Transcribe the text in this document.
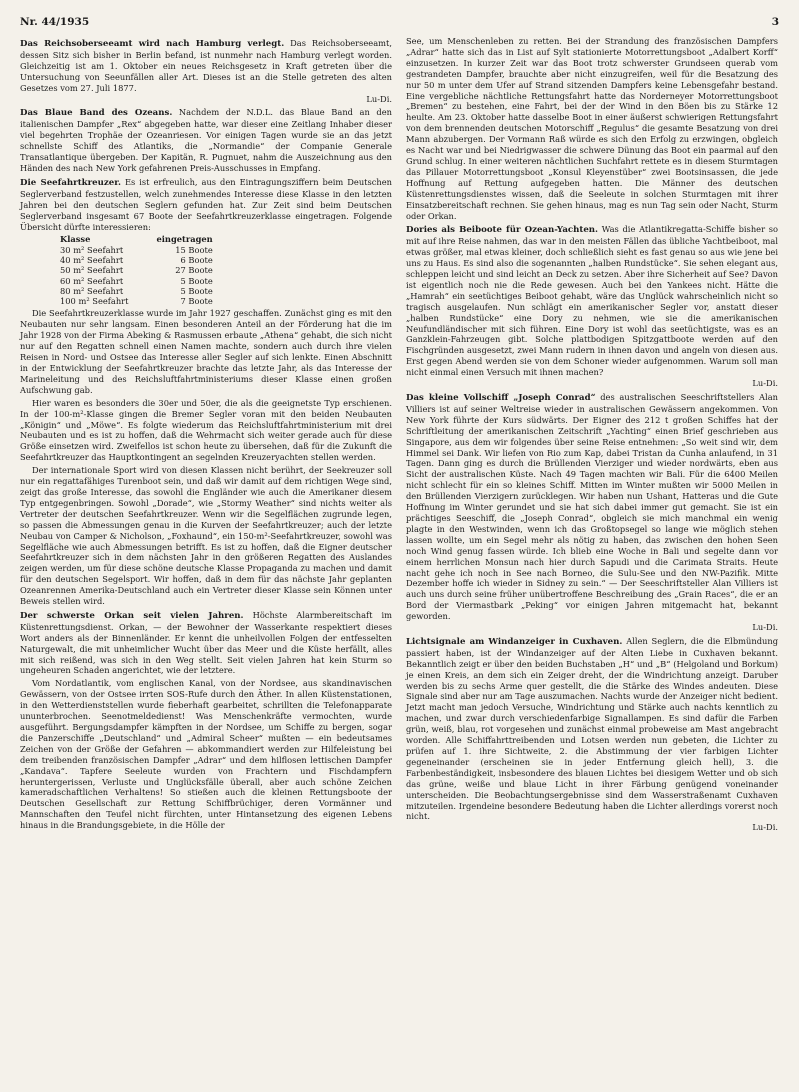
Nr. 44/1935	3

Das Reichsoberseeamt wird nach Hamburg verlegt. Das Reichsoberseeamt, dessen Sitz sich bisher in Berlin befand, ist nunmehr nach Hamburg verlegt worden. Gleichzeitig ist am 1. Oktober ein neues Reichsgesetz in Kraft getreten über die Untersuchung von Seeunfällen aller Art. Dieses ist an die Stelle getreten des alten Gesetzes vom 27. Juli 1877.
Lu-Di.

Das Blaue Band des Ozeans. Nachdem der N.D.L. das Blaue Band an den italienischen Dampfer „Rex“ abgegeben hatte, war dieser eine Zeitlang Inhaber dieser viel begehrten Trophäe der Ozeanriesen. Vor einigen Tagen wurde sie an das jetzt schnellste Schiff des Atlantiks, die „Normandie“ der Companie Generale Transatlantique übergeben. Der Kapitän, R. Pugnuet, nahm die Auszeichnung aus den Händen des nach New York gefahrenen Preis-Ausschusses in Empfang.

Die Seefahrtkreuzer. Es ist erfreulich, aus den Eintragungsziffern beim Deutschen Seglerverband festzustellen, welch zunehmendes Interesse diese Klasse in den letzten Jahren bei den deutschen Seglern gefunden hat. Zur Zeit sind beim Deutschen Seglerverband insgesamt 67 Boote der Seefahrtkreuzerklasse eingetragen. Folgende Übersicht dürfte interessieren:

Klasse	eingetragen
30 m² Seefahrt	15 Boote
40 m² Seefahrt	6 Boote
50 m² Seefahrt	27 Boote
60 m² Seefahrt	5 Boote
80 m² Seefahrt	5 Boote
100 m² Seefahrt	7 Boote

Die Seefahrtkreuzerklasse wurde im Jahr 1927 geschaffen. Zunächst ging es mit den Neubauten nur sehr langsam. Einen besonderen Anteil an der Förderung hat die im Jahr 1928 von der Firma Abeking & Rasmussen erbaute „Athena“ gehabt, die sich nicht nur auf den Regatten schnell einen Namen machte, sondern auch durch ihre vielen Reisen in Nord- und Ostsee das Interesse aller Segler auf sich lenkte. Einen Abschnitt in der Entwicklung der Seefahrtkreuzer brachte das letzte Jahr, als das Interesse der Marineleitung und des Reichsluftfahrtministeriums dieser Klasse einen großen Aufschwung gab.

Hier waren es besonders die 30er und 50er, die als die geeignetste Typ erschienen. In der 100-m²-Klasse gingen die Bremer Segler voran mit den beiden Neubauten „Königin“ und „Möwe“. Es folgte wiederum das Reichsluftfahrtministerium mit drei Neubauten und es ist zu hoffen, daß die Wehrmacht sich weiter gerade auch für diese Größe einsetzen wird. Zweifellos ist schon heute zu übersehen, daß für die Zukunft die Seefahrtkreuzer das Hauptkontingent an segelnden Kreuzeryachten stellen werden.

Der internationale Sport wird von diesen Klassen nicht berührt, der Seekreuzer soll nur ein regattafähiges Turenboot sein, und daß wir damit auf dem richtigen Wege sind, zeigt das große Interesse, das sowohl die Engländer wie auch die Amerikaner diesem Typ entgegenbringen. Sowohl „Dorade“, wie „Stormy Weather“ sind nichts weiter als Vertreter der deutschen Seefahrtkreuzer. Wenn wir die Segelflächen zugrunde legen, so passen die Abmessungen genau in die Kurven der Seefahrtkreuzer; auch der letzte Neubau von Camper & Nicholson, „Foxhaund“, ein 150-m²-Seefahrtkreuzer, sowohl was Segelfläche wie auch Abmessungen betrifft. Es ist zu hoffen, daß die Eigner deutscher Seefahrtkreuzer sich in dem nächsten Jahr in den größeren Regatten des Auslandes zeigen werden, um für diese schöne deutsche Klasse Propaganda zu machen und damit für den deutschen Segelsport. Wir hoffen, daß in dem für das nächste Jahr geplanten Ozeanrennen Amerika-Deutschland auch ein Vertreter dieser Klasse sein Können unter Beweis stellen wird.

Der schwerste Orkan seit vielen Jahren. Höchste Alarmbereitschaft im Küstenrettungsdienst. Orkan, — der Bewohner der Wasserkante respektiert dieses Wort anders als der Binnenländer. Er kennt die unheilvollen Folgen der entfesselten Naturgewalt, die mit unheimlicher Wucht über das Meer und die Küste herfällt, alles mit sich reißend, was sich in den Weg stellt. Seit vielen Jahren hat kein Sturm so ungeheuren Schaden angerichtet, wie der letztere.

Vom Nordatlantik, vom englischen Kanal, von der Nordsee, aus skandinavischen Gewässern, von der Ostsee irrten SOS-Rufe durch den Äther. In allen Küstenstationen, in den Wetterdienststellen wurde fieberhaft gearbeitet, schrillten die Telefonapparate ununterbrochen. Seenotmeldedienst! Was Menschenkräfte vermochten, wurde ausgeführt. Bergungsdampfer kämpften in der Nordsee, um Schiffe zu bergen, sogar die Panzerschiffe „Deutschland“ und „Admiral Scheer“ mußten — ein bedeutsames Zeichen von der Größe der Gefahren — abkommandiert werden zur Hilfeleistung bei dem treibenden französischen Dampfer „Adrar“ und dem hilflosen lettischen Dampfer „Kandava“. Tapfere Seeleute wurden von Frachtern und Fischdampfern heruntergerissen, Verluste und Unglücksfälle überall, aber auch schöne Zeichen kameradschaftlichen Verhaltens! So stießen auch die kleinen Rettungsboote der Deutschen Gesellschaft zur Rettung Schiffbrüchiger, deren Vormänner und Mannschaften den Teufel nicht fürchten, unter Hintansetzung des eigenen Lebens hinaus in die Brandungsgebiete, in die Hölle der

See, um Menschenleben zu retten. Bei der Strandung des französischen Dampfers „Adrar“ hatte sich das in List auf Sylt stationierte Motorrettungsboot „Adalbert Korff“ einzusetzen. In kurzer Zeit war das Boot trotz schwerster Grundseen querab vom gestrandeten Dampfer, brauchte aber nicht einzugreifen, weil für die Besatzung des nur 50 m unter dem Ufer auf Strand sitzenden Dampfers keine Lebensgefahr bestand. Eine vergebliche nächtliche Rettungsfahrt hatte das Norderneyer Motorrettungsboot „Bremen“ zu bestehen, eine Fahrt, bei der der Wind in den Böen bis zu Stärke 12 heulte. Am 23. Oktober hatte dasselbe Boot in einer äußerst schwierigen Rettungsfahrt von dem brennenden deutschen Motorschiff „Regulus“ die gesamte Besatzung von drei Mann abzubergen. Der Vormann Raß würde es sich den Erfolg zu erzwingen, obgleich es Nacht war und bei Niedrigwasser die schwere Dünung das Boot ein paarmal auf den Grund schlug. In einer weiteren nächtlichen Suchfahrt rettete es in diesem Sturmtagen das Pillauer Motorrettungsboot „Konsul Kleyenstüber“ zwei Bootsinsassen, die jede Hoffnung auf Rettung aufgegeben hatten. Die Männer des deutschen Küstenrettungsdienstes wissen, daß die Seeleute in solchen Sturmtagen mit ihrer Einsatzbereitschaft rechnen. Sie gehen hinaus, mag es nun Tag sein oder Nacht, Sturm oder Orkan.

Dories als Beiboote für Ozean-Yachten. Was die Atlantikregatta-Schiffe bisher so mit auf ihre Reise nahmen, das war in den meisten Fällen das übliche Yachtbeiboot, mal etwas größer, mal etwas kleiner, doch schließlich sieht es fast genau so aus wie jene bei uns zu Haus. Es sind also die sogenannten „halben Rundstücke“. Sie sehen elegant aus, schleppen leicht und sind leicht an Deck zu setzen. Aber ihre Sicherheit auf See? Davon ist eigentlich noch nie die Rede gewesen. Auch bei den Yankees nicht. Hätte die „Hamrah“ ein seetüchtiges Beiboot gehabt, wäre das Unglück wahrscheinlich nicht so tragisch ausgelaufen. Nun schlägt ein amerikanischer Segler vor, anstatt dieser „halben Rundstücke“ eine Dory zu nehmen, wie sie die amerikanischen Neufundländischer mit sich führen. Eine Dory ist wohl das seetüchtigste, was es an Ganzklein-Fahrzeugen gibt. Solche plattbodigen Spitzgattboote werden auf den Fischgründen ausgesetzt, zwei Mann rudern in ihnen davon und angeln von diesen aus. Erst gegen Abend werden sie von dem Schoner wieder aufgenommen. Warum soll man nicht einmal einen Versuch mit ihnen machen?
Lu-Di.

Das kleine Vollschiff „Joseph Conrad“ des australischen Seeschriftstellers Alan Villiers ist auf seiner Weltreise wieder in australischen Gewässern angekommen. Von New York führte der Kurs südwärts. Der Eigner des 212 t großen Schiffes hat der Schriftleitung der amerikanischen Zeitschrift „Yachting“ einen Brief geschrieben aus Singapore, aus dem wir folgendes über seine Reise entnehmen: „So weit sind wir, dem Himmel sei Dank. Wir liefen von Rio zum Kap, dabei Tristan da Cunha anlaufend, in 31 Tagen. Dann ging es durch die Brüllenden Vierziger und wieder nordwärts, eben aus Sicht der australischen Küste. Nach 49 Tagen machten wir Bali. Für die 6400 Meilen nicht schlecht für ein so kleines Schiff. Mitten im Winter mußten wir 5000 Meilen in den Brüllenden Vierzigern zurücklegen. Wir haben nun Ushant, Hatteras und die Gute Hoffnung im Winter gerundet und sie hat sich dabei immer gut gemacht. Sie ist ein prächtiges Seeschiff, die „Joseph Conrad“, obgleich sie mich manchmal ein wenig plagte in den Westwinden, wenn ich das Großtopsegel so lange wie möglich stehen lassen wollte, um ein Segel mehr als nötig zu haben, das zwischen den hohen Seen noch Wind genug fassen würde. Ich blieb eine Woche in Bali und segelte dann vor einem herrlichen Monsun nach hier durch Sapudi und die Carimata Straits. Heute nacht gehe ich noch in See nach Borneo, die Sulu-See und den NW-Pazifik. Mitte Dezember hoffe ich wieder in Sidney zu sein.“ — Der Seeschriftsteller Alan Villiers ist auch uns durch seine früher unübertroffene Beschreibung des „Grain Races“, die er an Bord der Viermastbark „Peking“ vor einigen Jahren mitgemacht hat, bekannt geworden.
Lu-Di.

Lichtsignale am Windanzeiger in Cuxhaven. Allen Seglern, die die Elbmündung passiert haben, ist der Windanzeiger auf der Alten Liebe in Cuxhaven bekannt. Bekanntlich zeigt er über den beiden Buchstaben „H“ und „B“ (Helgoland und Borkum) je einen Kreis, an dem sich ein Zeiger dreht, der die Windrichtung anzeigt. Daruber werden bis zu sechs Arme quer gestellt, die die Stärke des Windes andeuten. Diese Signale sind aber nur am Tage auszumachen. Nachts wurde der Anzeiger nicht bedient. Jetzt macht man jedoch Versuche, Windrichtung und Stärke auch nachts kenntlich zu machen, und zwar durch verschiedenfarbige Signallampen. Es sind dafür die Farben grün, weiß, blau, rot vorgesehen und zunächst einmal probeweise am Mast angebracht worden. Alle Schiffahrttreibenden und Lotsen werden nun gebeten, die Lichter zu prüfen auf 1. ihre Sichtweite, 2. die Abstimmung der vier farbigen Lichter gegeneinander (erscheinen sie in jeder Entfernung gleich hell), 3. die Farbenbeständigkeit, insbesondere des blauen Lichtes bei diesigem Wetter und ob sich das grüne, weiße und blaue Licht in ihrer Färbung genügend voneinander unterscheiden. Die Beobachtungsergebnisse sind dem Wasserstraßenamt Cuxhaven mitzuteilen. Irgendeine besondere Bedeutung haben die Lichter allerdings vorerst noch nicht.
Lu-Di.
